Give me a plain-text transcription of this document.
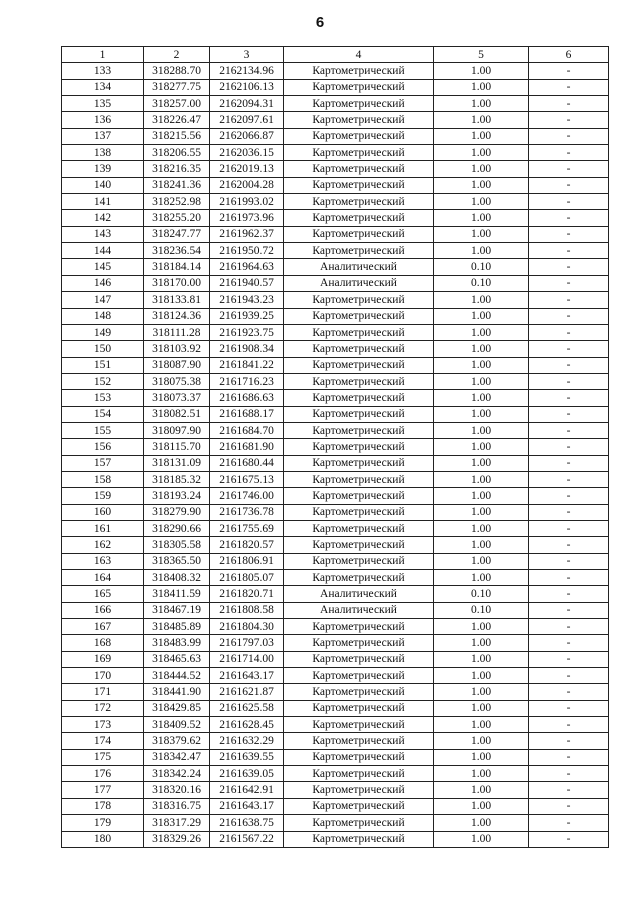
6
1	2	3	4	5	6
133	318288.70	2162134.96	Картометрический	1.00	-
134	318277.75	2162106.13	Картометрический	1.00	-
135	318257.00	2162094.31	Картометрический	1.00	-
136	318226.47	2162097.61	Картометрический	1.00	-
137	318215.56	2162066.87	Картометрический	1.00	-
138	318206.55	2162036.15	Картометрический	1.00	-
139	318216.35	2162019.13	Картометрический	1.00	-
140	318241.36	2162004.28	Картометрический	1.00	-
141	318252.98	2161993.02	Картометрический	1.00	-
142	318255.20	2161973.96	Картометрический	1.00	-
143	318247.77	2161962.37	Картометрический	1.00	-
144	318236.54	2161950.72	Картометрический	1.00	-
145	318184.14	2161964.63	Аналитический	0.10	-
146	318170.00	2161940.57	Аналитический	0.10	-
147	318133.81	2161943.23	Картометрический	1.00	-
148	318124.36	2161939.25	Картометрический	1.00	-
149	318111.28	2161923.75	Картометрический	1.00	-
150	318103.92	2161908.34	Картометрический	1.00	-
151	318087.90	2161841.22	Картометрический	1.00	-
152	318075.38	2161716.23	Картометрический	1.00	-
153	318073.37	2161686.63	Картометрический	1.00	-
154	318082.51	2161688.17	Картометрический	1.00	-
155	318097.90	2161684.70	Картометрический	1.00	-
156	318115.70	2161681.90	Картометрический	1.00	-
157	318131.09	2161680.44	Картометрический	1.00	-
158	318185.32	2161675.13	Картометрический	1.00	-
159	318193.24	2161746.00	Картометрический	1.00	-
160	318279.90	2161736.78	Картометрический	1.00	-
161	318290.66	2161755.69	Картометрический	1.00	-
162	318305.58	2161820.57	Картометрический	1.00	-
163	318365.50	2161806.91	Картометрический	1.00	-
164	318408.32	2161805.07	Картометрический	1.00	-
165	318411.59	2161820.71	Аналитический	0.10	-
166	318467.19	2161808.58	Аналитический	0.10	-
167	318485.89	2161804.30	Картометрический	1.00	-
168	318483.99	2161797.03	Картометрический	1.00	-
169	318465.63	2161714.00	Картометрический	1.00	-
170	318444.52	2161643.17	Картометрический	1.00	-
171	318441.90	2161621.87	Картометрический	1.00	-
172	318429.85	2161625.58	Картометрический	1.00	-
173	318409.52	2161628.45	Картометрический	1.00	-
174	318379.62	2161632.29	Картометрический	1.00	-
175	318342.47	2161639.55	Картометрический	1.00	-
176	318342.24	2161639.05	Картометрический	1.00	-
177	318320.16	2161642.91	Картометрический	1.00	-
178	318316.75	2161643.17	Картометрический	1.00	-
179	318317.29	2161638.75	Картометрический	1.00	-
180	318329.26	2161567.22	Картометрический	1.00	-
